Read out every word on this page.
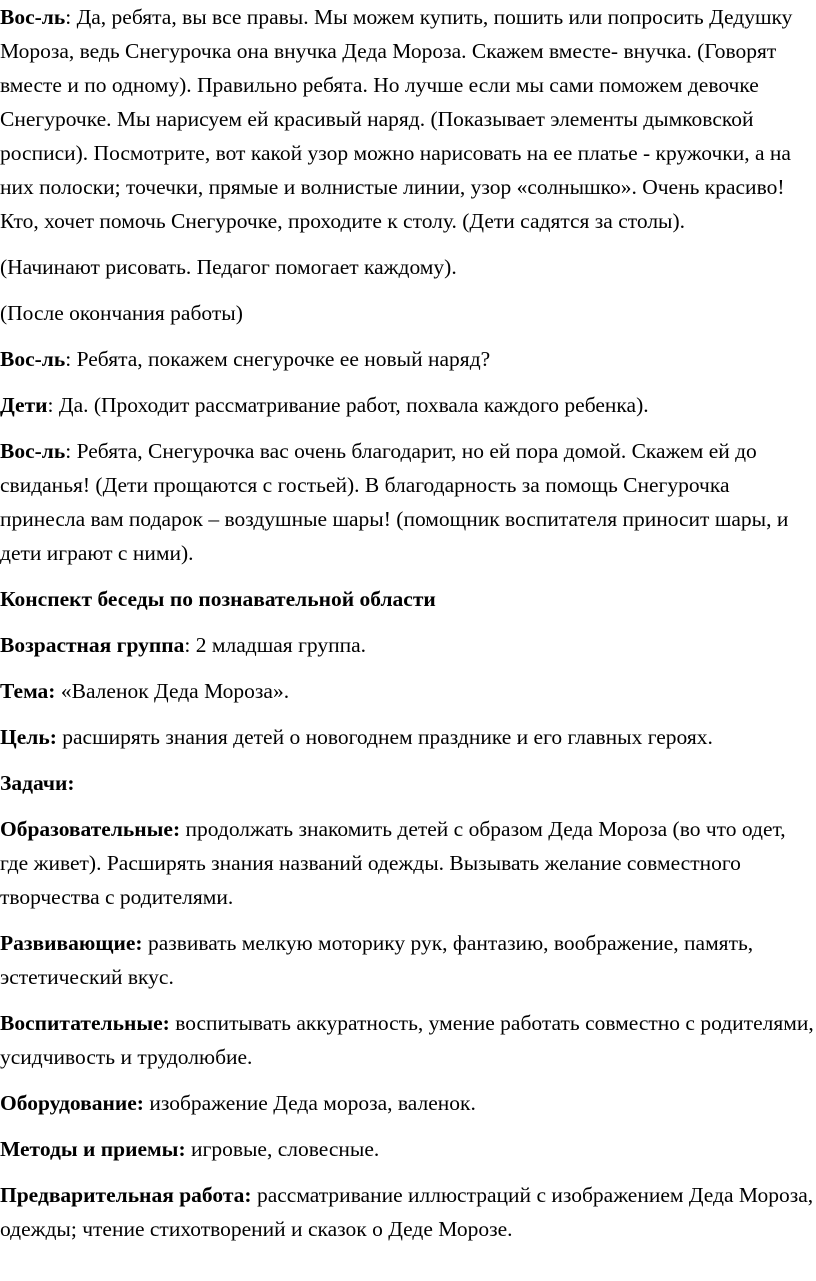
Вос-ль: Да, ребята, вы все правы. Мы можем купить, пошить или попросить Дедушку Мороза, ведь Снегурочка она внучка Деда Мороза. Скажем вместе- внучка. (Говорят вместе и по одному). Правильно ребята. Но лучше если мы сами поможем девочке Снегурочке. Мы нарисуем ей красивый наряд. (Показывает элементы дымковской росписи). Посмотрите, вот какой узор можно нарисовать на ее платье - кружочки, а на них полоски; точечки, прямые и волнистые линии, узор «солнышко». Очень красиво! Кто, хочет помочь Снегурочке, проходите к столу. (Дети садятся за столы).

(Начинают рисовать. Педагог помогает каждому).

(После окончания работы)

Вос-ль: Ребята, покажем снегурочке ее новый наряд?

Дети: Да. (Проходит рассматривание работ, похвала каждого ребенка).

Вос-ль: Ребята, Снегурочка вас очень благодарит, но ей пора домой. Скажем ей до свиданья! (Дети прощаются с гостьей). В благодарность за помощь Снегурочка принесла вам подарок – воздушные шары! (помощник воспитателя приносит шары, и дети играют с ними).

Конспект беседы по познавательной области

Возрастная группа: 2 младшая группа.

Тема: «Валенок Деда Мороза».

Цель: расширять знания детей о новогоднем празднике и его главных героях.

Задачи:

Образовательные: продолжать знакомить детей с образом Деда Мороза (во что одет, где живет). Расширять знания названий одежды. Вызывать желание совместного творчества с родителями.

Развивающие: развивать мелкую моторику рук, фантазию, воображение, память, эстетический вкус.

Воспитательные: воспитывать аккуратность, умение работать совместно с родителями, усидчивость и трудолюбие.

Оборудование: изображение Деда мороза, валенок.

Методы и приемы: игровые, словесные.

Предварительная работа: рассматривание иллюстраций с изображением Деда Мороза, одежды; чтение стихотворений и сказок о Деде Морозе.
